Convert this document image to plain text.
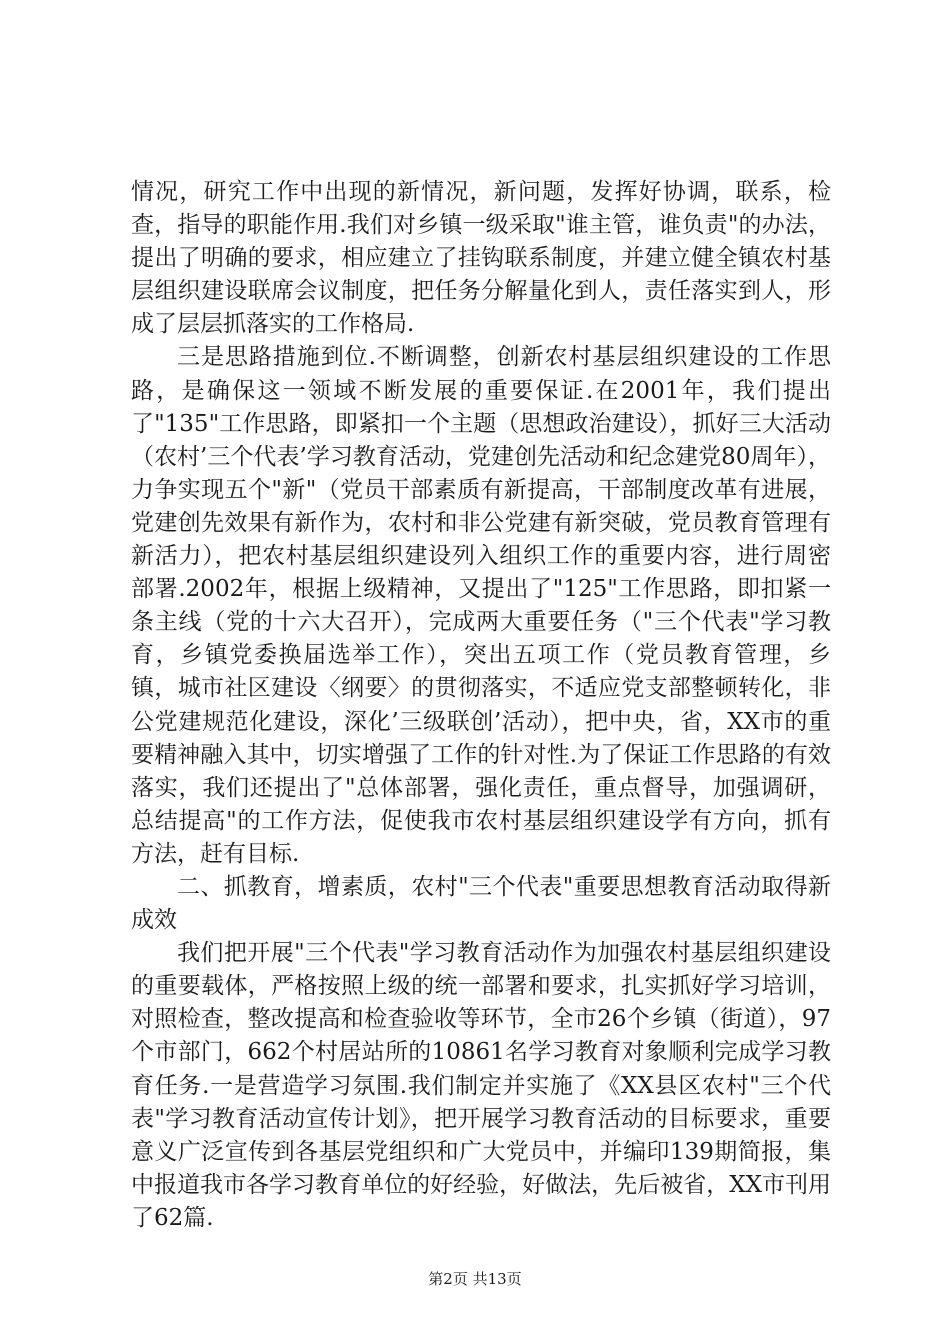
情况，研究工作中出现的新情况，新问题，发挥好协调，联系，检查，指导的职能作用.我们对乡镇一级采取"谁主管，谁负责"的办法，提出了明确的要求，相应建立了挂钩联系制度，并建立健全镇农村基层组织建设联席会议制度，把任务分解量化到人，责任落实到人，形成了层层抓落实的工作格局.

三是思路措施到位.不断调整，创新农村基层组织建设的工作思路，是确保这一领域不断发展的重要保证.在2001年，我们提出了"135"工作思路，即紧扣一个主题（思想政治建设），抓好三大活动（农村’三个代表’学习教育活动，党建创先活动和纪念建党80周年），力争实现五个"新"（党员干部素质有新提高，干部制度改革有进展，党建创先效果有新作为，农村和非公党建有新突破，党员教育管理有新活力），把农村基层组织建设列入组织工作的重要内容，进行周密部署.2002年，根据上级精神，又提出了"125"工作思路，即扣紧一条主线（党的十六大召开），完成两大重要任务（"三个代表"学习教育，乡镇党委换届选举工作），突出五项工作（党员教育管理，乡镇，城市社区建设〈纲要〉的贯彻落实，不适应党支部整顿转化，非公党建规范化建设，深化’三级联创’活动），把中央，省，XX市的重要精神融入其中，切实增强了工作的针对性.为了保证工作思路的有效落实，我们还提出了"总体部署，强化责任，重点督导，加强调研，总结提高"的工作方法，促使我市农村基层组织建设学有方向，抓有方法，赶有目标.

二、抓教育，增素质，农村"三个代表"重要思想教育活动取得新成效

我们把开展"三个代表"学习教育活动作为加强农村基层组织建设的重要载体，严格按照上级的统一部署和要求，扎实抓好学习培训，对照检查，整改提高和检查验收等环节，全市26个乡镇（街道），97个市部门，662个村居站所的10861名学习教育对象顺利完成学习教育任务.一是营造学习氛围.我们制定并实施了《XX县区农村"三个代表"学习教育活动宣传计划》，把开展学习教育活动的目标要求，重要意义广泛宣传到各基层党组织和广大党员中，并编印139期简报，集中报道我市各学习教育单位的好经验，好做法，先后被省，XX市刊用了62篇.

第2页 共13页
